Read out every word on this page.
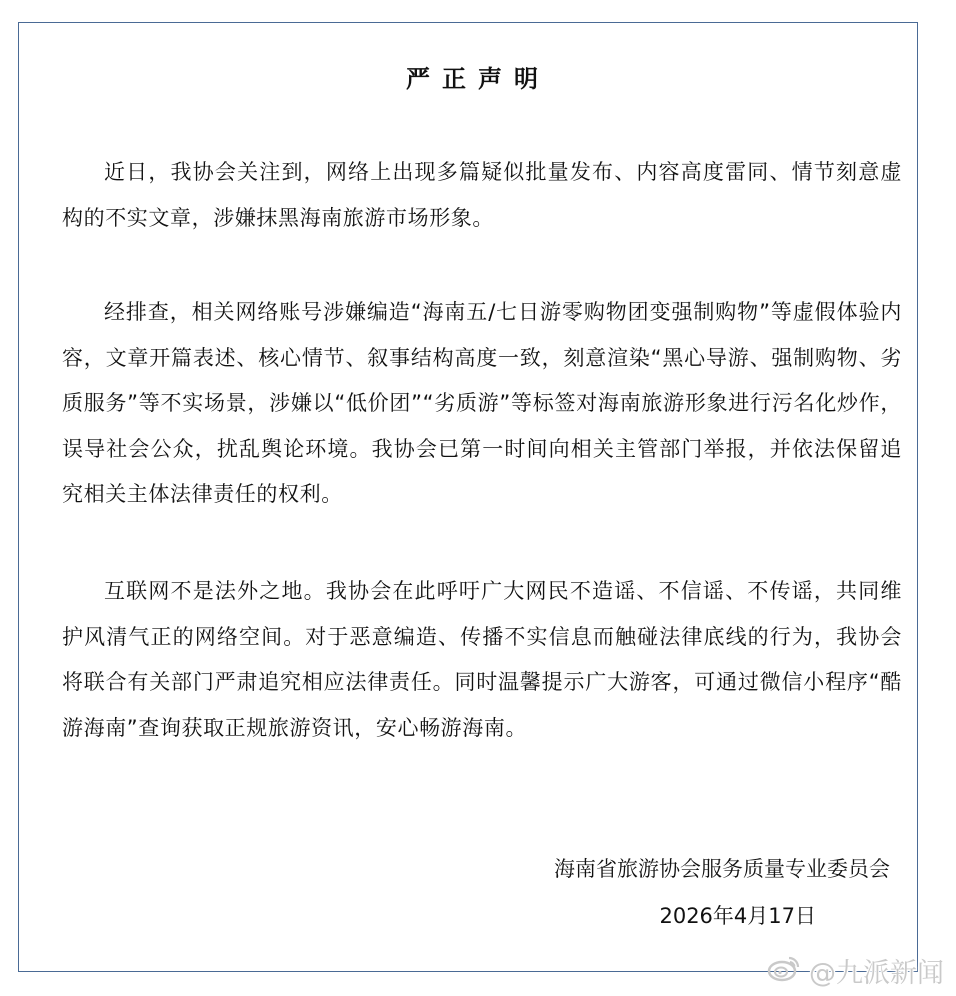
严正声明
近日，我协会关注到，网络上出现多篇疑似批量发布、内容高度雷同、情节刻意虚构的不实文章，涉嫌抹黑海南旅游市场形象。
经排查，相关网络账号涉嫌编造“海南五/七日游零购物团变强制购物”等虚假体验内容，文章开篇表述、核心情节、叙事结构高度一致，刻意渲染“黑心导游、强制购物、劣质服务”等不实场景，涉嫌以“低价团”“劣质游”等标签对海南旅游形象进行污名化炒作，误导社会公众，扰乱舆论环境。我协会已第一时间向相关主管部门举报，并依法保留追究相关主体法律责任的权利。
互联网不是法外之地。我协会在此呼吁广大网民不造谣、不信谣、不传谣，共同维护风清气正的网络空间。对于恶意编造、传播不实信息而触碰法律底线的行为，我协会将联合有关部门严肃追究相应法律责任。同时温馨提示广大游客，可通过微信小程序“酷游海南”查询获取正规旅游资讯，安心畅游海南。
海南省旅游协会服务质量专业委员会
2026年4月17日
@九派新闻
